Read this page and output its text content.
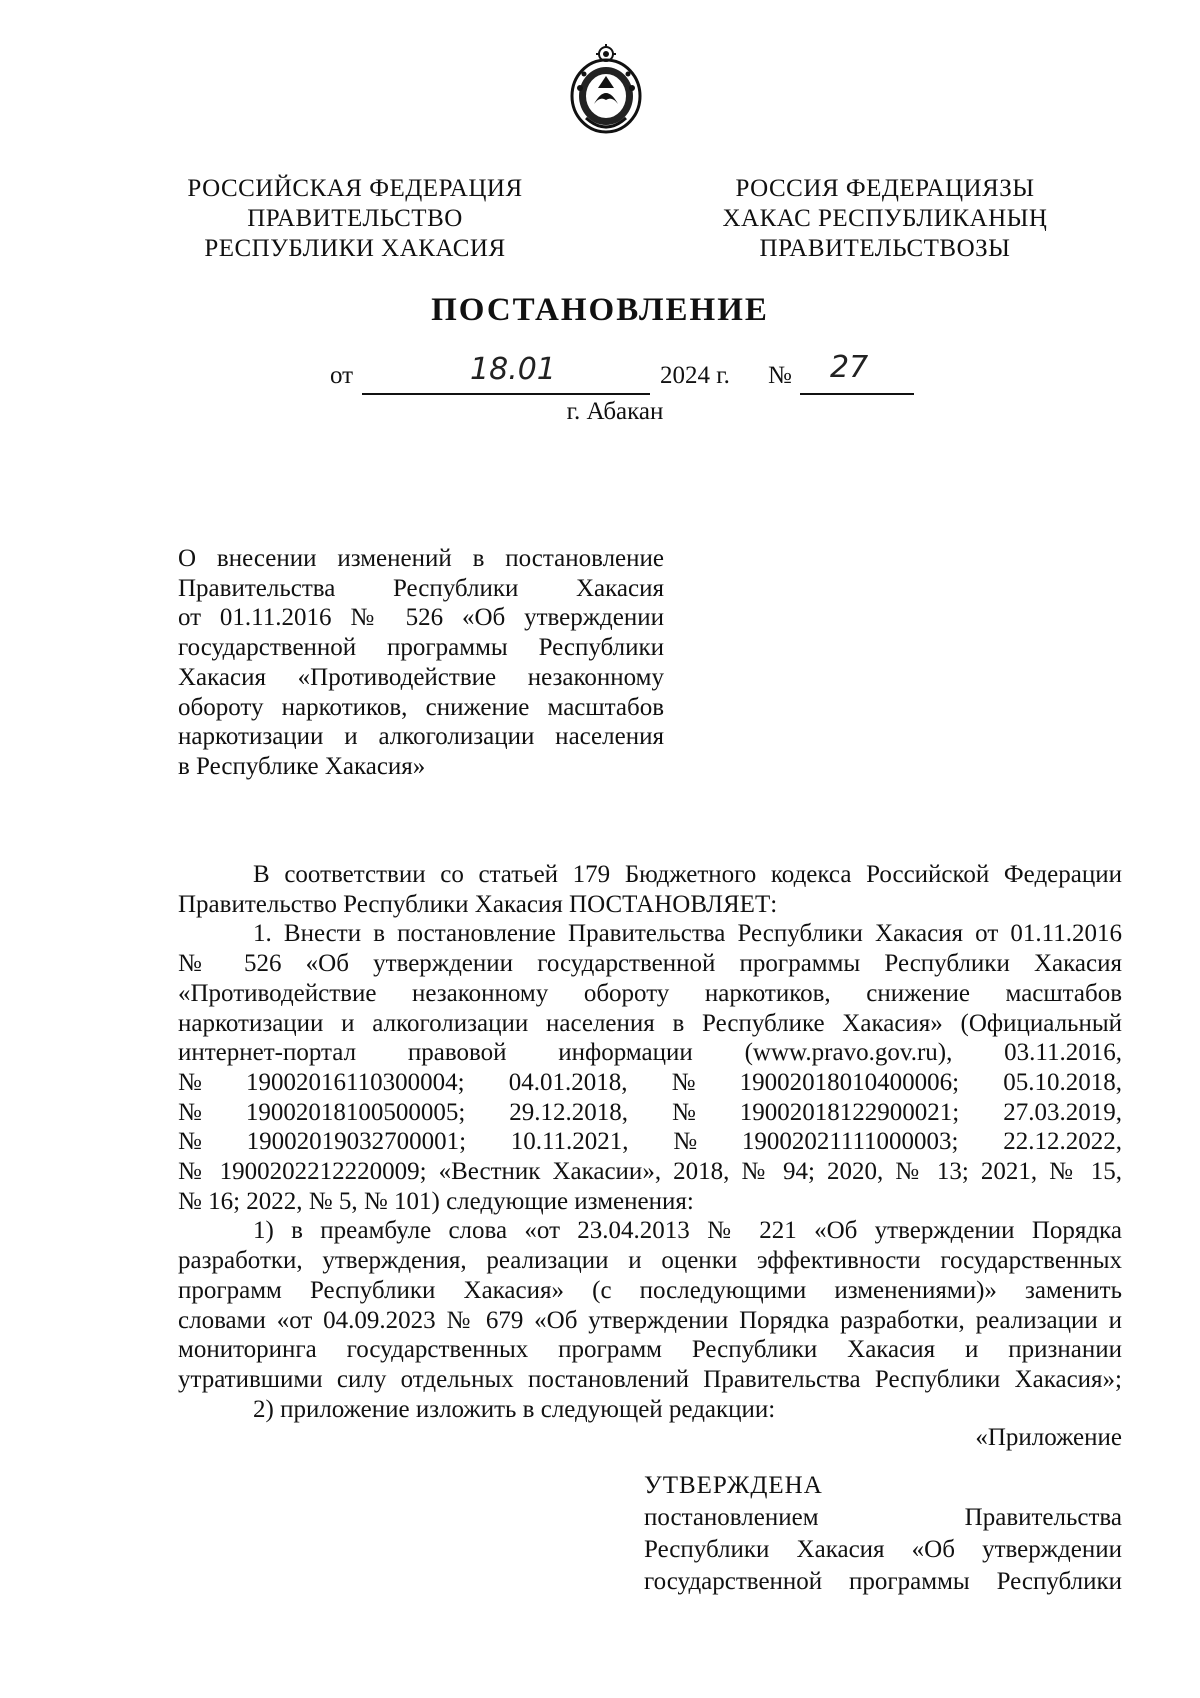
РОССИЙСКАЯ ФЕДЕРАЦИЯ
ПРАВИТЕЛЬСТВО
РЕСПУБЛИКИ ХАКАСИЯ
РОССИЯ ФЕДЕРАЦИЯЗЫ
ХАКАС РЕСПУБЛИКАНЫҢ
ПРАВИТЕЛЬСТВОЗЫ
ПОСТАНОВЛЕНИЕ
от	18.01	2024 г. № 27
г. Абакан
О внесении изменений в постановление
Правительства Республики Хакасия
от 01.11.2016 № 526 «Об утверждении
государственной программы Республики
Хакасия «Противодействие незаконному
обороту наркотиков, снижение масштабов
наркотизации и алкоголизации населения
в Республике Хакасия»
В соответствии со статьей 179 Бюджетного кодекса Российской Федерации
Правительство Республики Хакасия ПОСТАНОВЛЯЕТ:
1. Внести в постановление Правительства Республики Хакасия от 01.11.2016
№ 526 «Об утверждении государственной программы Республики Хакасия
«Противодействие незаконному обороту наркотиков, снижение масштабов
наркотизации и алкоголизации населения в Республике Хакасия» (Официальный
интернет-портал правовой информации (www.pravo.gov.ru), 03.11.2016,
№ 19002016110300004; 04.01.2018, № 19002018010400006; 05.10.2018,
№ 19002018100500005; 29.12.2018, № 19002018122900021; 27.03.2019,
№ 19002019032700001; 10.11.2021, № 19002021111000003; 22.12.2022,
№ 1900202212220009; «Вестник Хакасии», 2018, № 94; 2020, № 13; 2021, № 15,
№ 16; 2022, № 5, № 101) следующие изменения:
1) в преамбуле слова «от 23.04.2013 № 221 «Об утверждении Порядка
разработки, утверждения, реализации и оценки эффективности государственных
программ Республики Хакасия» (с последующими изменениями)» заменить
словами «от 04.09.2023 № 679 «Об утверждении Порядка разработки, реализации и
мониторинга государственных программ Республики Хакасия и признании
утратившими силу отдельных постановлений Правительства Республики Хакасия»;
2) приложение изложить в следующей редакции:
«Приложение
УТВЕРЖДЕНА
постановлением Правительства
Республики Хакасия «Об утверждении
государственной программы Республики
